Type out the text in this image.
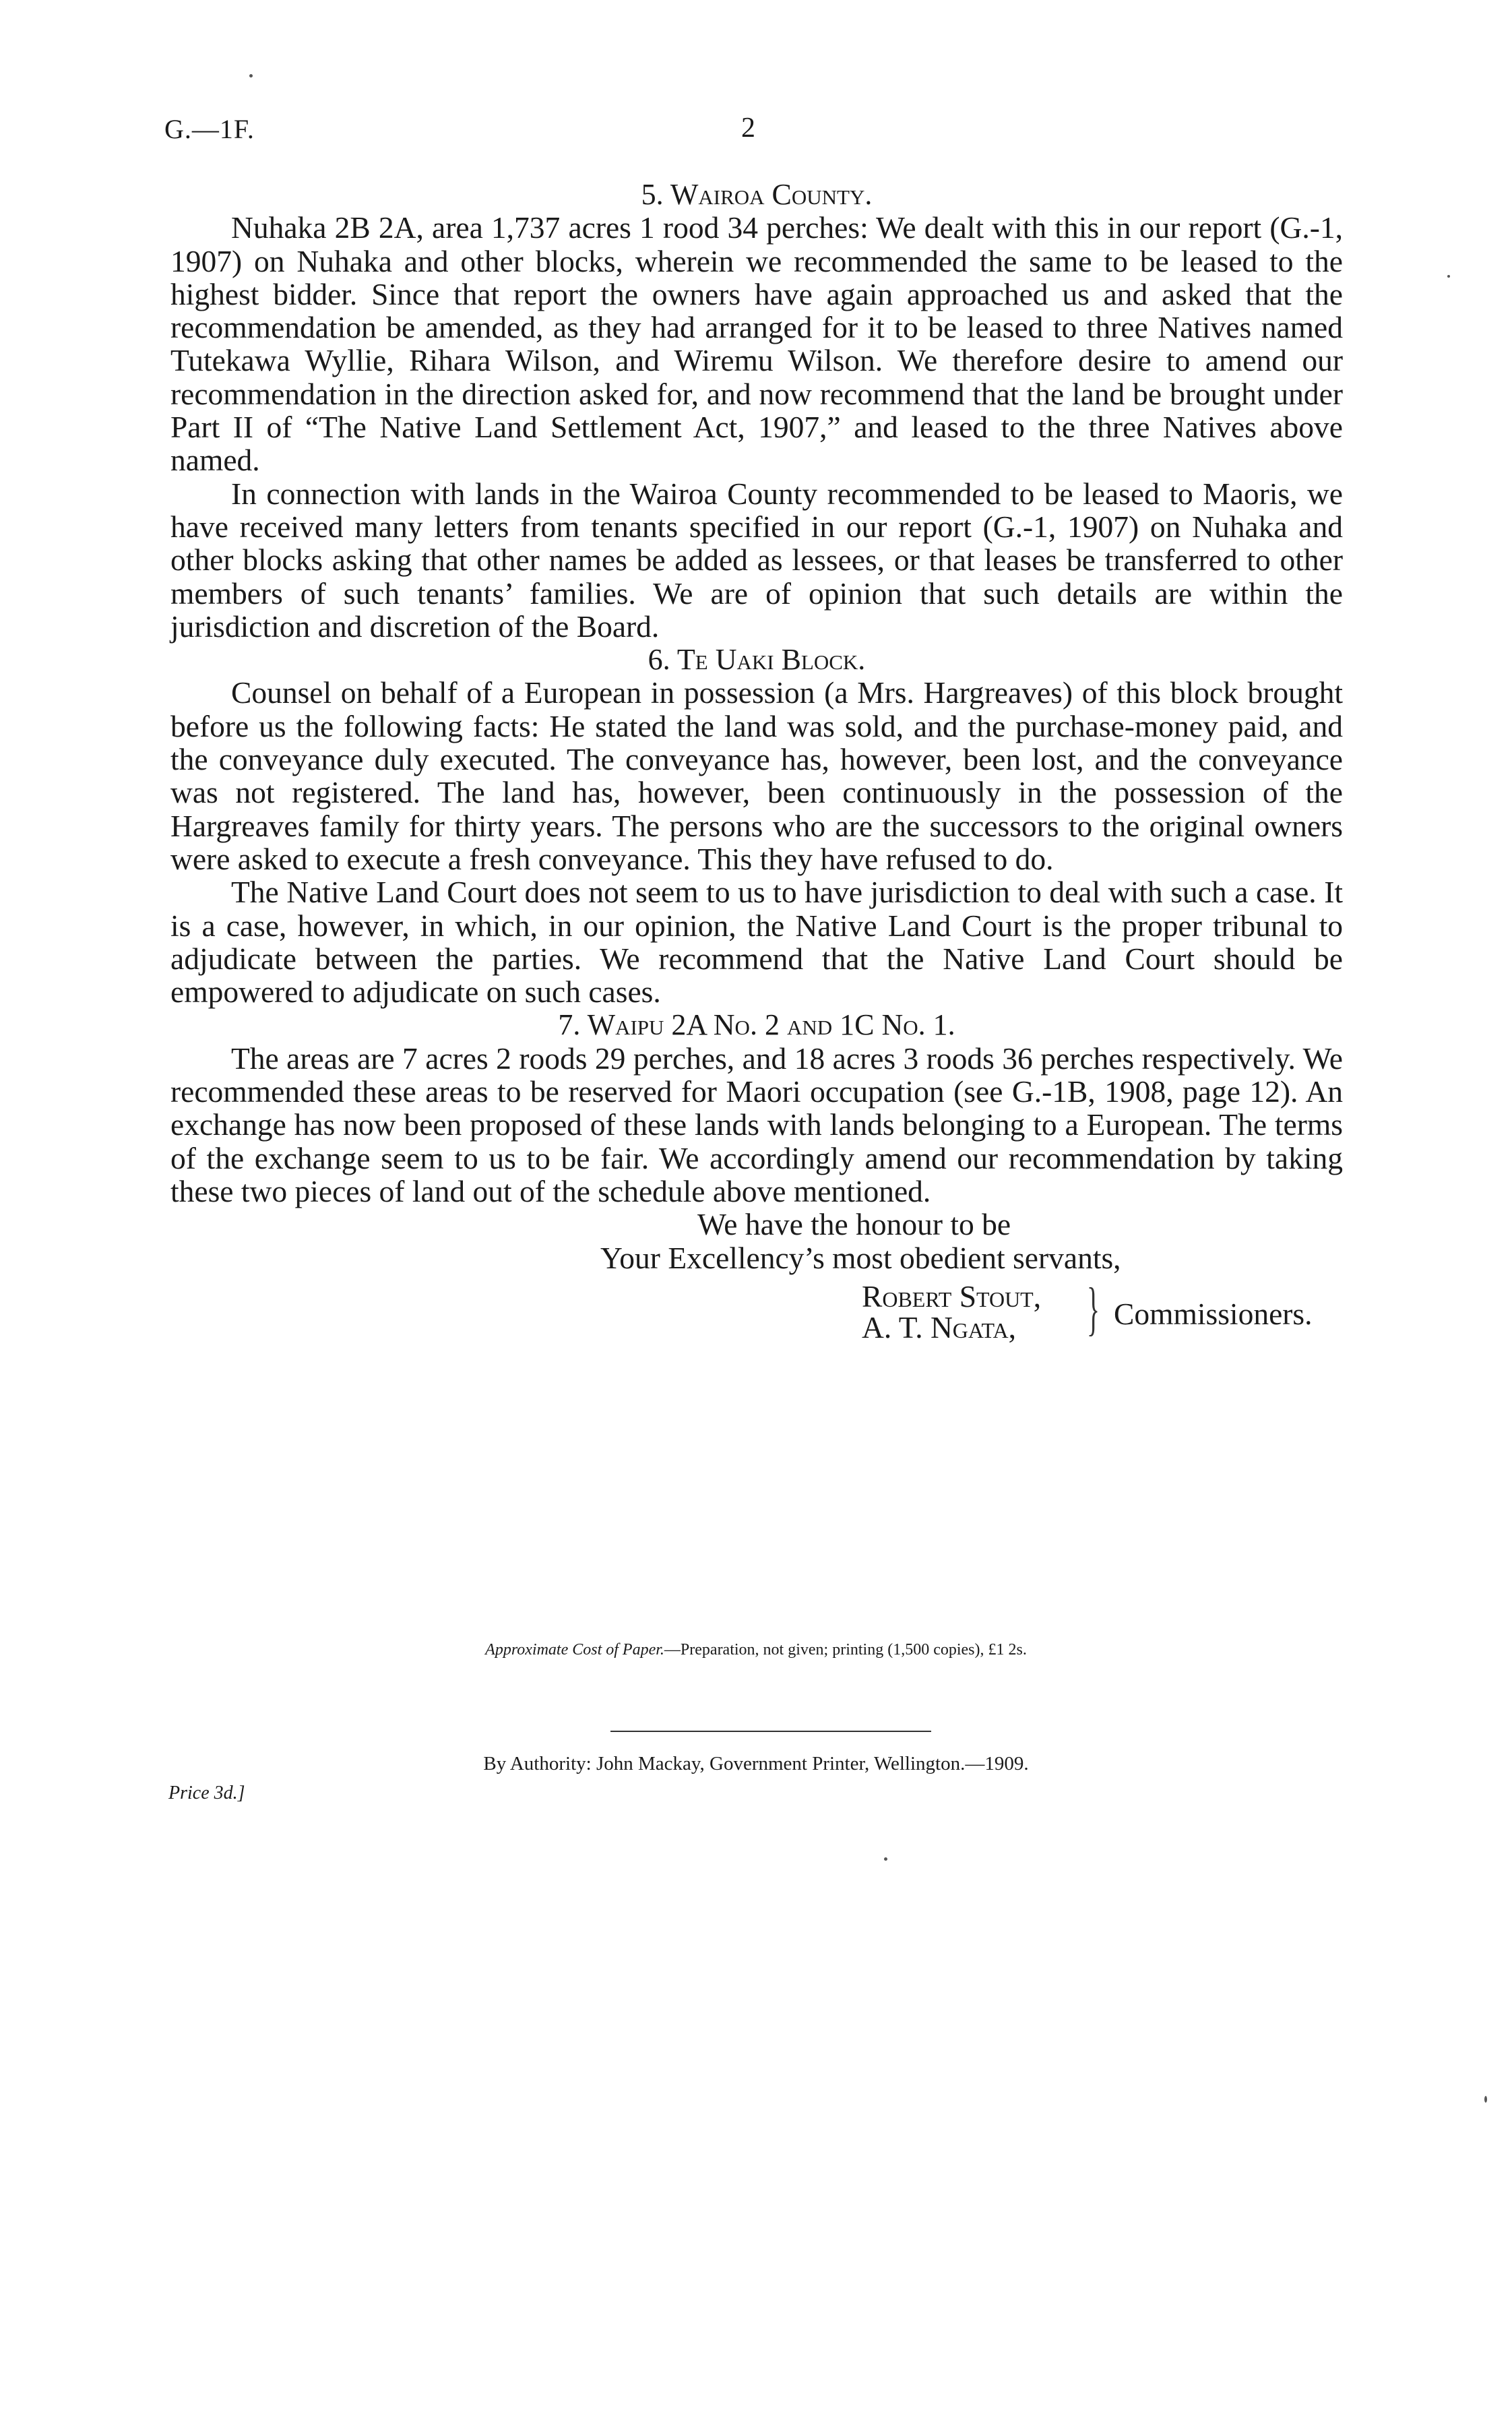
G.—1F.	2
5. Wairoa County.

Nuhaka 2B 2A, area 1,737 acres 1 rood 34 perches: We dealt with this in our report (G.-1, 1907) on Nuhaka and other blocks, wherein we recommended the same to be leased to the highest bidder. Since that report the owners have again approached us and asked that the recommendation be amended, as they had arranged for it to be leased to three Natives named Tutekawa Wyllie, Rihara Wilson, and Wiremu Wilson. We therefore desire to amend our recommendation in the direction asked for, and now recommend that the land be brought under Part II of “The Native Land Settlement Act, 1907,” and leased to the three Natives above named.

In connection with lands in the Wairoa County recommended to be leased to Maoris, we have received many letters from tenants specified in our report (G.-1, 1907) on Nuhaka and other blocks asking that other names be added as lessees, or that leases be transferred to other members of such tenants’ families. We are of opinion that such details are within the jurisdiction and discretion of the Board.

6. Te Uaki Block.

Counsel on behalf of a European in possession (a Mrs. Hargreaves) of this block brought before us the following facts: He stated the land was sold, and the purchase-money paid, and the conveyance duly executed. The conveyance has, however, been lost, and the conveyance was not registered. The land has, however, been continuously in the possession of the Hargreaves family for thirty years. The persons who are the successors to the original owners were asked to execute a fresh conveyance. This they have refused to do.

The Native Land Court does not seem to us to have jurisdiction to deal with such a case. It is a case, however, in which, in our opinion, the Native Land Court is the proper tribunal to adjudicate between the parties. We recommend that the Native Land Court should be empowered to adjudicate on such cases.

7. Waipu 2A No. 2 and 1C No. 1.

The areas are 7 acres 2 roods 29 perches, and 18 acres 3 roods 36 perches respectively. We recommended these areas to be reserved for Maori occupation (see G.-1B, 1908, page 12). An exchange has now been proposed of these lands with lands belonging to a European. The terms of the exchange seem to us to be fair. We accordingly amend our recommendation by taking these two pieces of land out of the schedule above mentioned.

We have the honour to be
Your Excellency’s most obedient servants,
Robert Stout,
A. T. Ngata, } Commissioners.
Approximate Cost of Paper.—Preparation, not given; printing (1,500 copies), £1 2s.
By Authority: John Mackay, Government Printer, Wellington.—1909.
Price 3d.]
